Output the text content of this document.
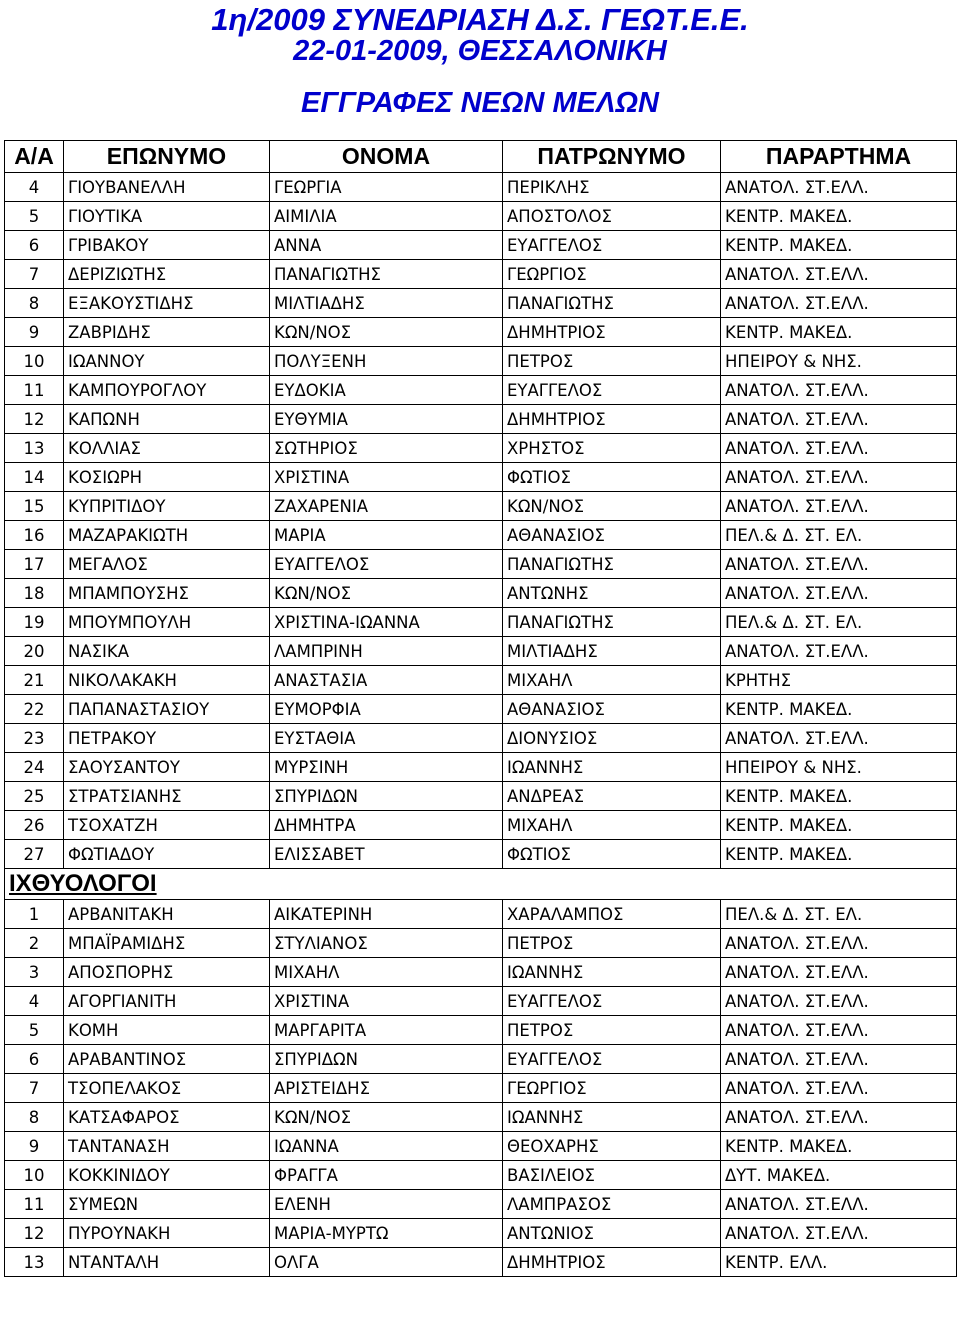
1η/2009 ΣΥΝΕΔΡΙΑΣΗ Δ.Σ. ΓΕΩΤ.Ε.Ε.
22-01-2009, ΘΕΣΣΑΛΟΝΙΚΗ
ΕΓΓΡΑΦΕΣ ΝΕΩΝ ΜΕΛΩΝ
Α/Α	ΕΠΩΝΥΜΟ	ΟΝΟΜΑ	ΠΑΤΡΩΝΥΜΟ	ΠΑΡΑΡΤΗΜΑ
4	ΓΙΟΥΒΑΝΕΛΛΗ	ΓΕΩΡΓΙΑ	ΠΕΡΙΚΛΗΣ	ΑΝΑΤΟΛ. ΣΤ.ΕΛΛ.
5	ΓΙΟΥΤΙΚΑ	ΑΙΜΙΛΙΑ	ΑΠΟΣΤΟΛΟΣ	ΚΕΝΤΡ. ΜΑΚΕΔ.
6	ΓΡΙΒΑΚΟΥ	ΑΝΝΑ	ΕΥΑΓΓΕΛΟΣ	ΚΕΝΤΡ. ΜΑΚΕΔ.
7	ΔΕΡΙΖΙΩΤΗΣ	ΠΑΝΑΓΙΩΤΗΣ	ΓΕΩΡΓΙΟΣ	ΑΝΑΤΟΛ. ΣΤ.ΕΛΛ.
8	ΕΞΑΚΟΥΣΤΙΔΗΣ	ΜΙΛΤΙΑΔΗΣ	ΠΑΝΑΓΙΩΤΗΣ	ΑΝΑΤΟΛ. ΣΤ.ΕΛΛ.
9	ΖΑΒΡΙΔΗΣ	ΚΩΝ/ΝΟΣ	ΔΗΜΗΤΡΙΟΣ	ΚΕΝΤΡ. ΜΑΚΕΔ.
10	ΙΩΑΝΝΟΥ	ΠΟΛΥΞΕΝΗ	ΠΕΤΡΟΣ	ΗΠΕΙΡΟΥ & ΝΗΣ.
11	ΚΑΜΠΟΥΡΟΓΛΟΥ	ΕΥΔΟΚΙΑ	ΕΥΑΓΓΕΛΟΣ	ΑΝΑΤΟΛ. ΣΤ.ΕΛΛ.
12	ΚΑΠΩΝΗ	ΕΥΘΥΜΙΑ	ΔΗΜΗΤΡΙΟΣ	ΑΝΑΤΟΛ. ΣΤ.ΕΛΛ.
13	ΚΟΛΛΙΑΣ	ΣΩΤΗΡΙΟΣ	ΧΡΗΣΤΟΣ	ΑΝΑΤΟΛ. ΣΤ.ΕΛΛ.
14	ΚΟΣΙΩΡΗ	ΧΡΙΣΤΙΝΑ	ΦΩΤΙΟΣ	ΑΝΑΤΟΛ. ΣΤ.ΕΛΛ.
15	ΚΥΠΡΙΤΙΔΟΥ	ΖΑΧΑΡΕΝΙΑ	ΚΩΝ/ΝΟΣ	ΑΝΑΤΟΛ. ΣΤ.ΕΛΛ.
16	ΜΑΖΑΡΑΚΙΩΤΗ	ΜΑΡΙΑ	ΑΘΑΝΑΣΙΟΣ	ΠΕΛ.& Δ. ΣΤ. ΕΛ.
17	ΜΕΓΑΛΟΣ	ΕΥΑΓΓΕΛΟΣ	ΠΑΝΑΓΙΩΤΗΣ	ΑΝΑΤΟΛ. ΣΤ.ΕΛΛ.
18	ΜΠΑΜΠΟΥΣΗΣ	ΚΩΝ/ΝΟΣ	ΑΝΤΩΝΗΣ	ΑΝΑΤΟΛ. ΣΤ.ΕΛΛ.
19	ΜΠΟΥΜΠΟΥΛΗ	ΧΡΙΣΤΙΝΑ-ΙΩΑΝΝΑ	ΠΑΝΑΓΙΩΤΗΣ	ΠΕΛ.& Δ. ΣΤ. ΕΛ.
20	ΝΑΣΙΚΑ	ΛΑΜΠΡΙΝΗ	ΜΙΛΤΙΑΔΗΣ	ΑΝΑΤΟΛ. ΣΤ.ΕΛΛ.
21	ΝΙΚΟΛΑΚΑΚΗ	ΑΝΑΣΤΑΣΙΑ	ΜΙΧΑΗΛ	ΚΡΗΤΗΣ
22	ΠΑΠΑΝΑΣΤΑΣΙΟΥ	ΕΥΜΟΡΦΙΑ	ΑΘΑΝΑΣΙΟΣ	ΚΕΝΤΡ. ΜΑΚΕΔ.
23	ΠΕΤΡΑΚΟΥ	ΕΥΣΤΑΘΙΑ	ΔΙΟΝΥΣΙΟΣ	ΑΝΑΤΟΛ. ΣΤ.ΕΛΛ.
24	ΣΑΟΥΣΑΝΤΟΥ	ΜΥΡΣΙΝΗ	ΙΩΑΝΝΗΣ	ΗΠΕΙΡΟΥ & ΝΗΣ.
25	ΣΤΡΑΤΣΙΑΝΗΣ	ΣΠΥΡΙΔΩΝ	ΑΝΔΡΕΑΣ	ΚΕΝΤΡ. ΜΑΚΕΔ.
26	ΤΣΟΧΑΤΖΗ	ΔΗΜΗΤΡΑ	ΜΙΧΑΗΛ	ΚΕΝΤΡ. ΜΑΚΕΔ.
27	ΦΩΤΙΑΔΟΥ	ΕΛΙΣΣΑΒΕΤ	ΦΩΤΙΟΣ	ΚΕΝΤΡ. ΜΑΚΕΔ.
ΙΧΘΥΟΛΟΓΟΙ				
1	ΑΡΒΑΝΙΤΑΚΗ	ΑΙΚΑΤΕΡΙΝΗ	ΧΑΡΑΛΑΜΠΟΣ	ΠΕΛ.& Δ. ΣΤ. ΕΛ.
2	ΜΠΑΪΡΑΜΙΔΗΣ	ΣΤΥΛΙΑΝΟΣ	ΠΕΤΡΟΣ	ΑΝΑΤΟΛ. ΣΤ.ΕΛΛ.
3	ΑΠΟΣΠΟΡΗΣ	ΜΙΧΑΗΛ	ΙΩΑΝΝΗΣ	ΑΝΑΤΟΛ. ΣΤ.ΕΛΛ.
4	ΑΓΟΡΓΙΑΝΙΤΗ	ΧΡΙΣΤΙΝΑ	ΕΥΑΓΓΕΛΟΣ	ΑΝΑΤΟΛ. ΣΤ.ΕΛΛ.
5	ΚΟΜΗ	ΜΑΡΓΑΡΙΤΑ	ΠΕΤΡΟΣ	ΑΝΑΤΟΛ. ΣΤ.ΕΛΛ.
6	ΑΡΑΒΑΝΤΙΝΟΣ	ΣΠΥΡΙΔΩΝ	ΕΥΑΓΓΕΛΟΣ	ΑΝΑΤΟΛ. ΣΤ.ΕΛΛ.
7	ΤΣΟΠΕΛΑΚΟΣ	ΑΡΙΣΤΕΙΔΗΣ	ΓΕΩΡΓΙΟΣ	ΑΝΑΤΟΛ. ΣΤ.ΕΛΛ.
8	ΚΑΤΣΑΦΑΡΟΣ	ΚΩΝ/ΝΟΣ	ΙΩΑΝΝΗΣ	ΑΝΑΤΟΛ. ΣΤ.ΕΛΛ.
9	ΤΑΝΤΑΝΑΣΗ	ΙΩΑΝΝΑ	ΘΕΟΧΑΡΗΣ	ΚΕΝΤΡ. ΜΑΚΕΔ.
10	ΚΟΚΚΙΝΙΔΟΥ	ΦΡΑΓΓΑ	ΒΑΣΙΛΕΙΟΣ	ΔΥΤ. ΜΑΚΕΔ.
11	ΣΥΜΕΩΝ	ΕΛΕΝΗ	ΛΑΜΠΡΑΣΟΣ	ΑΝΑΤΟΛ. ΣΤ.ΕΛΛ.
12	ΠΥΡΟΥΝΑΚΗ	ΜΑΡΙΑ-ΜΥΡΤΩ	ΑΝΤΩΝΙΟΣ	ΑΝΑΤΟΛ. ΣΤ.ΕΛΛ.
13	ΝΤΑΝΤΑΛΗ	ΟΛΓΑ	ΔΗΜΗΤΡΙΟΣ	ΚΕΝΤΡ. ΕΛΛ.
